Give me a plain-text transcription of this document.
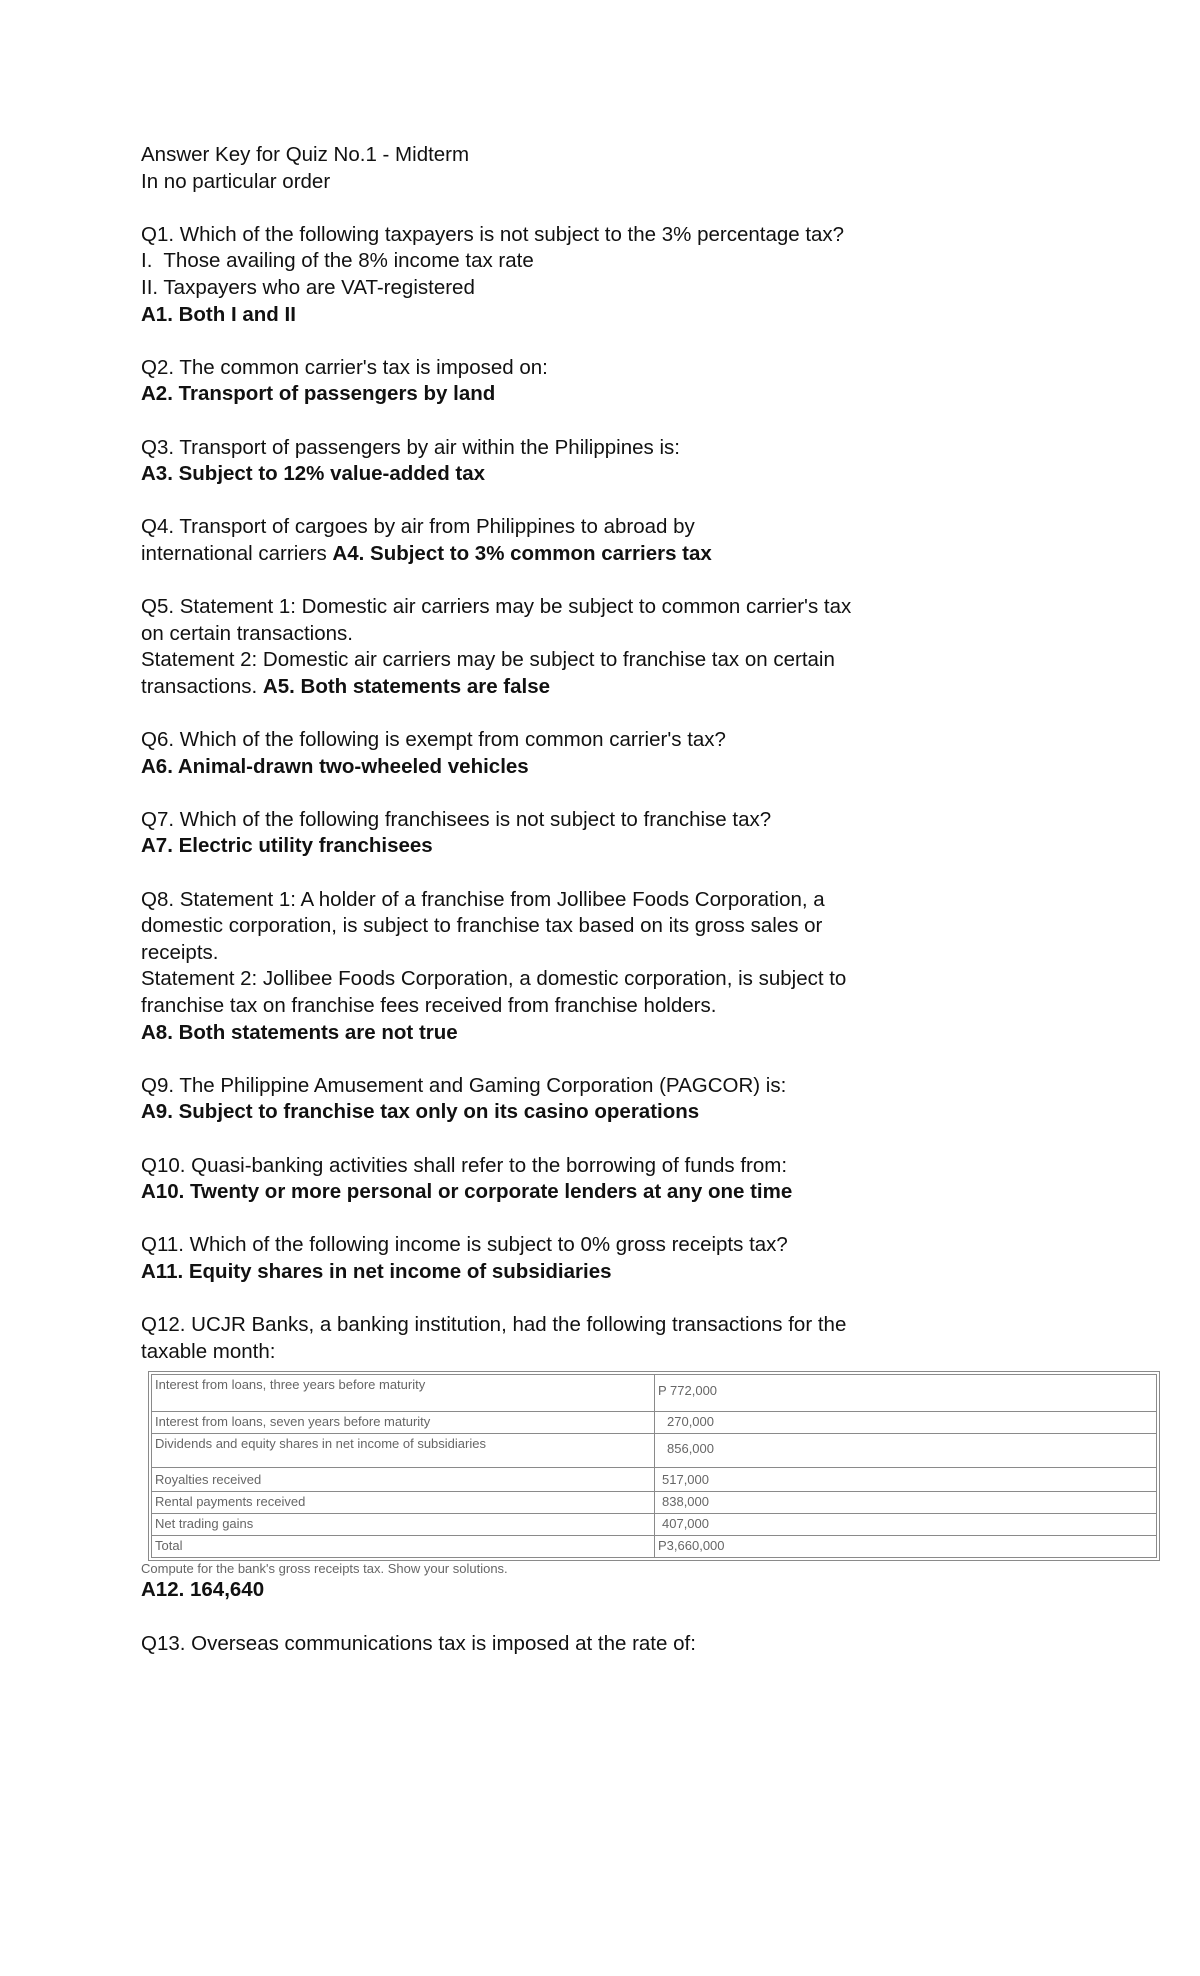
Answer Key for Quiz No.1 - Midterm

In no particular order

Q1. Which of the following taxpayers is not subject to the 3% percentage tax?

I.  Those availing of the 8% income tax rate

II. Taxpayers who are VAT-registered

A1. Both I and II

Q2. The common carrier's tax is imposed on:

A2. Transport of passengers by land

Q3. Transport of passengers by air within the Philippines is:

A3. Subject to 12% value-added tax

Q4. Transport of cargoes by air from Philippines to abroad by

international carriers A4. Subject to 3% common carriers tax

Q5. Statement 1: Domestic air carriers may be subject to common carrier's tax

on certain transactions.

Statement 2: Domestic air carriers may be subject to franchise tax on certain

transactions. A5. Both statements are false

Q6. Which of the following is exempt from common carrier's tax?

A6. Animal-drawn two-wheeled vehicles

Q7. Which of the following franchisees is not subject to franchise tax?

A7. Electric utility franchisees

Q8. Statement 1: A holder of a franchise from Jollibee Foods Corporation, a

domestic corporation, is subject to franchise tax based on its gross sales or

receipts.

Statement 2: Jollibee Foods Corporation, a domestic corporation, is subject to

franchise tax on franchise fees received from franchise holders.

A8. Both statements are not true

Q9. The Philippine Amusement and Gaming Corporation (PAGCOR) is:

A9. Subject to franchise tax only on its casino operations

Q10. Quasi-banking activities shall refer to the borrowing of funds from:

A10. Twenty or more personal or corporate lenders at any one time

Q11. Which of the following income is subject to 0% gross receipts tax?

A11. Equity shares in net income of subsidiaries

Q12. UCJR Banks, a banking institution, had the following transactions for the

taxable month:

Interest from loans, three years before maturity	P 772,000
Interest from loans, seven years before maturity	270,000
Dividends and equity shares in net income of subsidiaries	856,000
Royalties received	517,000
Rental payments received	838,000
Net trading gains	407,000
Total	P3,660,000

Compute for the bank's gross receipts tax. Show your solutions.

A12. 164,640

Q13. Overseas communications tax is imposed at the rate of:
